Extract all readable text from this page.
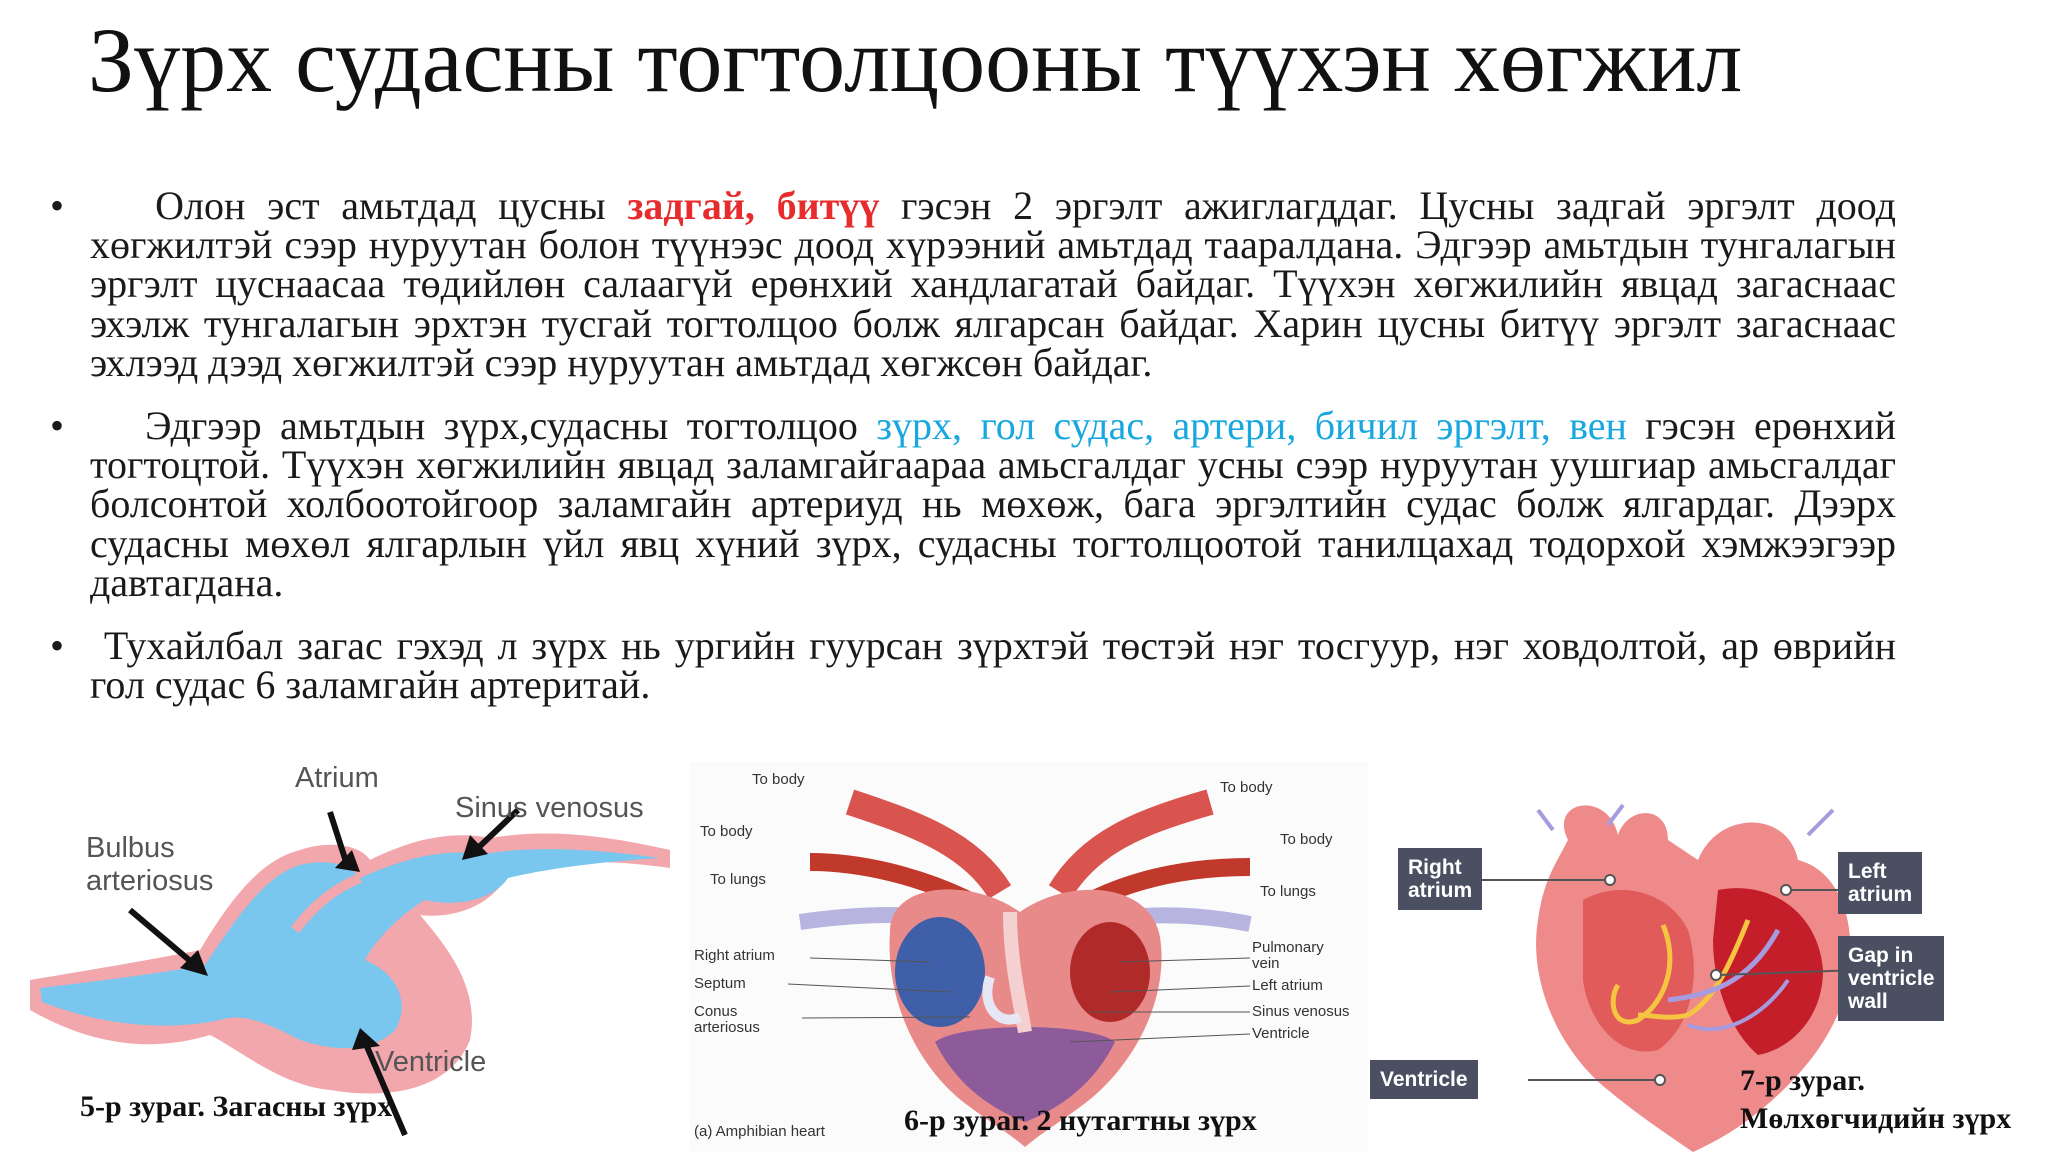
Зүрх судасны тогтолцооны түүхэн хөгжил
• Олон эст амьтдад цусны задгай, битүү гэсэн 2 эргэлт ажиглагддаг. Цусны задгай эргэлт доод хөгжилтэй сээр нуруутан болон түүнээс доод хүрээний амьтдад тааралдана. Эдгээр амьтдын тунгалагын эргэлт цуснаасаа төдийлөн салаагүй ерөнхий хандлагатай байдаг. Түүхэн хөгжилийн явцад загаснаас эхэлж тунгалагын эрхтэн тусгай тогтолцоо болж ялгарсан байдаг. Харин цусны битүү эргэлт загаснаас эхлээд дээд хөгжилтэй сээр нуруутан амьтдад хөгжсөн байдаг.
• Эдгээр амьтдын зүрх,судасны тогтолцоо зүрх, гол судас, артери, бичил эргэлт, вен гэсэн ерөнхий тогтоцтой. Түүхэн хөгжилийн явцад заламгайгаараа амьсгалдаг усны сээр нуруутан уушгиар амьсгалдаг болсонтой холбоотойгоор заламгайн артериуд нь мөхөж, бага эргэлтийн судас болж ялгардаг. Дээрх судасны мөхөл ялгарлын үйл явц хүний зүрх, судасны тогтолцоотой танилцахад тодорхой хэмжээгээр давтагдана.
• Тухайлбал загас гэхэд л зүрх нь ургийн гуурсан зүрхтэй төстэй нэг тосгуур, нэг ховдолтой, ар өврийн гол судас 6 заламгайн артеритай.
Atrium
Sinus venosus
Bulbus
arteriosus
Ventricle
5-р зураг. Загасны зүрх
To body
To body
To lungs
To body
To body
To lungs
Right atrium
Septum
Conus
arteriosus
Pulmonary
vein
Left atrium
Sinus venosus
Ventricle
(a) Amphibian heart	6-р зураг. 2 нутагтны зүрх
Right
atrium
Left
atrium
Gap in
ventricle
wall
Ventricle	7-р зураг.
Мөлхөгчидийн зүрх
